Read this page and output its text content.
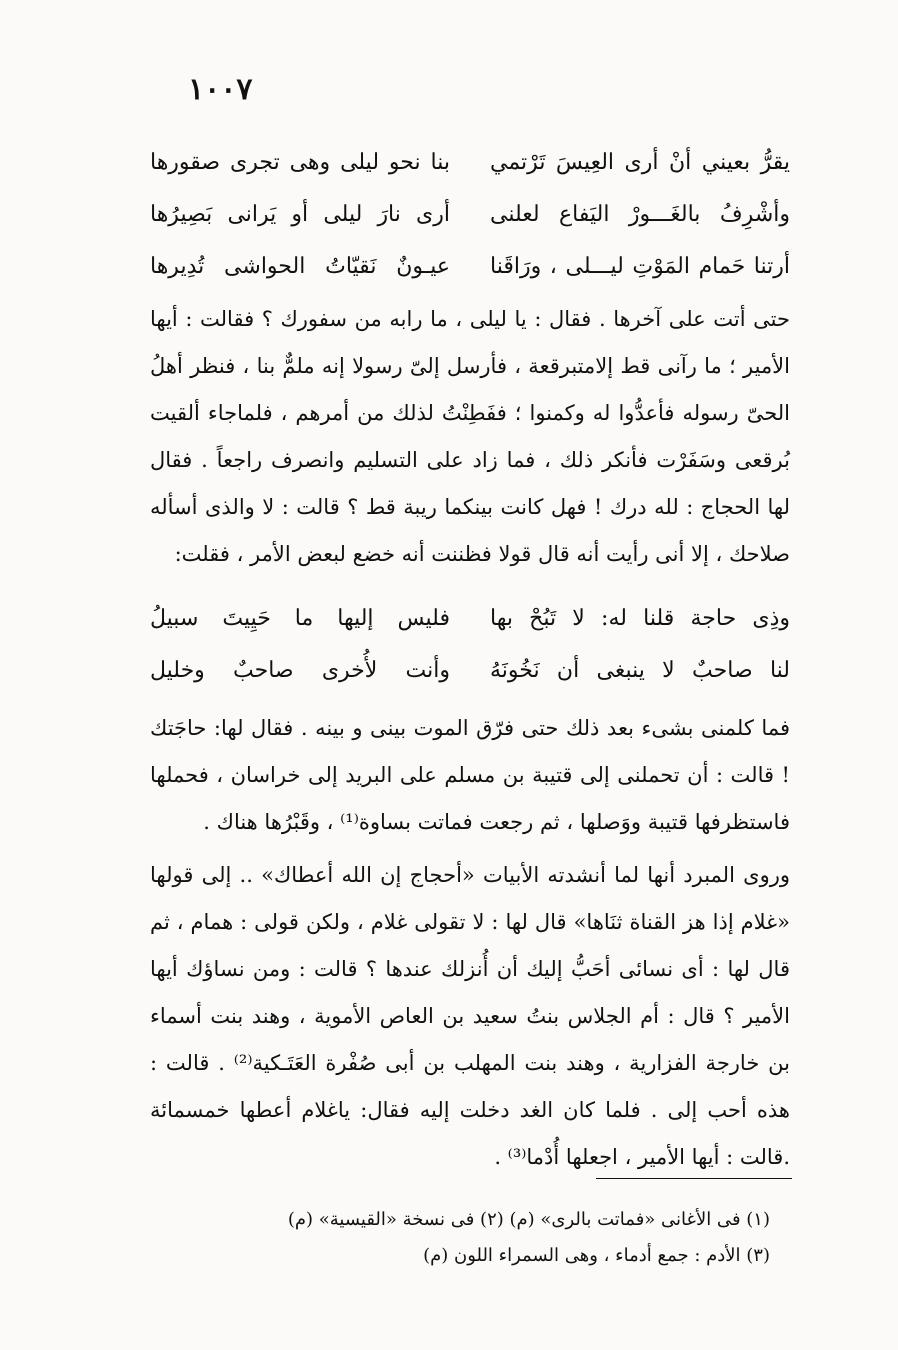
١٠٠٧
يقرُّ بعيني أنْ أرى العِيسَ تَرْتمي
بنا نحو ليلى وهى تجرى صقورها
وأشْرِفُ بالغَـــورْ اليَفاع لعلنى
أرى نارَ ليلى أو يَرانى بَصِيرُها
أرتنا حَمام المَوْتِ ليـــلى ، ورَاقَنا
عيـونٌ نَقيّاتُ الحواشى تُدِيرها

حتى أتت على آخرها . فقال : يا ليلى ، ما رابه من سفورك ؟ فقالت : أيها الأمير ؛ ما رآنى قط إلامتبرقعة ، فأرسل إلىّ رسولا إنه ملمٌّ بنا ، فنظر أهلُ الحىّ رسوله فأعدُّوا له وكمنوا ؛ ففَطِنْتُ لذلك من أمرهم ، فلماجاء ألقيت بُرقعى وسَفَرْت فأنكر ذلك ، فما زاد على التسليم وانصرف راجعاً . فقال لها الحجاج : لله درك ! فهل كانت بينكما ريبة قط ؟ قالت : لا والذى أسأله صلاحك ، إلا أنى رأيت أنه قال قولا فظننت أنه خضع لبعض الأمر ، فقلت:

وذِى حاجة قلنا له: لا تَبُحْ بها
فليس إليها ما حَيِيتَ سبيلُ
لنا صاحبٌ لا ينبغى أن نَخُونَهُ
وأنت لأُخرى صاحبٌ وخليل

فما كلمنى بشىء بعد ذلك حتى فرّق الموت بينى و بينه . فقال لها: حاجَتك ! قالت : أن تحملنى إلى قتيبة بن مسلم على البريد إلى خراسان ، فحملها فاستظرفها قتيبة ووَصلها ، ثم رجعت فماتت بساوة⁽¹⁾ ، وقَبْرُها هناك .

وروى المبرد أنها لما أنشدته الأبيات «أحجاج إن الله أعطاك» .. إلى قولها «غلام إذا هز القناة ثنَاها» قال لها : لا تقولى غلام ، ولكن قولى : همام ، ثم قال لها : أى نسائى أحَبُّ إليك أن أُنزلك عندها ؟ قالت : ومن نساؤك أيها الأمير ؟ قال : أم الجلاس بنتُ سعيد بن العاص الأموية ، وهند بنت أسماء بن خارجة الفزارية ، وهند بنت المهلب بن أبى صُفْرة العَتَـكية⁽²⁾ . قالت : هذه أحب إلى . فلما كان الغد دخلت إليه فقال: ياغلام أعطها خمسمائة .قالت : أيها الأمير ، اجعلها أُدْما⁽³⁾ .

(١) فى الأغانى «فماتت بالرى» (م) (٢) فى نسخة «القيسية» (م)
(٣) الأدم : جمع أدماء ، وهى السمراء اللون (م)
